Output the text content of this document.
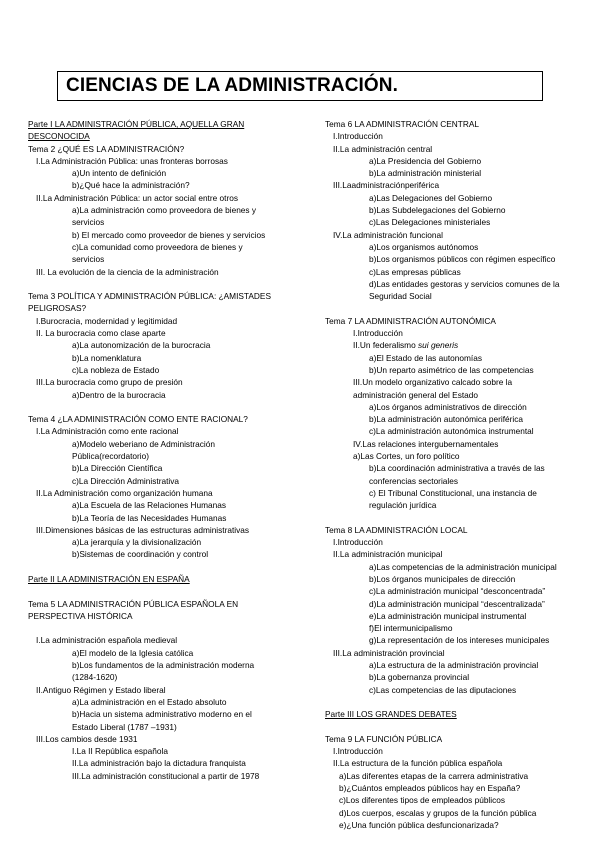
CIENCIAS DE LA ADMINISTRACIÓN.
Parte I LA ADMINISTRACIÓN PÚBLICA, AQUELLA GRAN
DESCONOCIDA
Tema 2 ¿QUÉ ES LA ADMINISTRACIÓN?
I.La Administración Pública: unas fronteras borrosas
a)Un intento de definición
b)¿Qué hace la administración?
II.La Administración Pública: un actor social entre otros
a)La administración como proveedora de bienes y
servicios
b) El mercado como proveedor de bienes y servicios
c)La comunidad como proveedora de bienes y
servicios
III. La evolución de la ciencia de la administración
Tema 3 POLÍTICA Y ADMINISTRACIÓN PÚBLICA: ¿AMISTADES
PELIGROSAS?
I.Burocracia, modernidad y legitimidad
II. La burocracia como clase aparte
a)La autonomización de la burocracia
b)La nomenklatura
c)La nobleza de Estado
III.La burocracia como grupo de presión
a)Dentro de la burocracia
Tema 4 ¿LA ADMINISTRACIÓN COMO ENTE RACIONAL?
I.La Administración como ente racional
a)Modelo weberiano de Administración
Pública(recordatorio)
b)La Dirección Científica
c)La Dirección Administrativa
II.La Administración como organización humana
a)La Escuela de las Relaciones Humanas
b)La Teoría de las Necesidades Humanas
III.Dimensiones básicas de las estructuras administrativas
a)La jerarquía y la divisionalización
b)Sistemas de coordinación y control
Parte II LA ADMINISTRACIÓN EN ESPAÑA
Tema 5 LA ADMINISTRACIÓN PÚBLICA ESPAÑOLA EN
PERSPECTIVA HISTÓRICA
I.La administración española medieval
a)El modelo de la Iglesia católica
b)Los fundamentos de la administración moderna
(1284-1620)
II.Antiguo Régimen y Estado liberal
a)La administración en el Estado absoluto
b)Hacia un sistema administrativo moderno en el
Estado Liberal (1787 –1931)
III.Los cambios desde 1931
I.La II República española
II.La administración bajo la dictadura franquista
III.La administración constitucional a partir de 1978
Tema 6 LA ADMINISTRACIÓN CENTRAL
I.Introducción
II.La administración central
a)La Presidencia del Gobierno
b)La administración ministerial
III.Laadministraciónperiférica
a)Las Delegaciones del Gobierno
b)Las Subdelegaciones del Gobierno
c)Las Delegaciones ministeriales
IV.La administración funcional
a)Los organismos autónomos
b)Los organismos públicos con régimen específico
c)Las empresas públicas
d)Las entidades gestoras y servicios comunes de la
Seguridad Social
Tema 7 LA ADMINISTRACIÓN AUTONÓMICA
I.Introducción
II.Un federalismo sui generis
a)El Estado de las autonomías
b)Un reparto asimétrico de las competencias
III.Un modelo organizativo calcado sobre la
administración general del Estado
a)Los órganos administrativos de dirección
b)La administración autonómica periférica
c)La administración autonómica instrumental
IV.Las relaciones intergubernamentales
a)Las Cortes, un foro político
b)La coordinación administrativa a través de las
conferencias sectoriales
c) El Tribunal Constitucional, una instancia de
regulación jurídica
Tema 8 LA ADMINISTRACIÓN LOCAL
I.Introducción
II.La administración municipal
a)Las competencias de la administración municipal
b)Los órganos municipales de dirección
c)La administración municipal “desconcentrada”
d)La administración municipal “descentralizada”
e)La administración municipal instrumental
f)El intermunicipalismo
g)La representación de los intereses municipales
III.La administración provincial
a)La estructura de la administración provincial
b)La gobernanza provincial
c)Las competencias de las diputaciones
Parte III LOS GRANDES DEBATES
Tema 9 LA FUNCIÓN PÚBLICA
I.Introducción
II.La estructura de la función pública española
a)Las diferentes etapas de la carrera administrativa
b)¿Cuántos empleados públicos hay en España?
c)Los diferentes tipos de empleados públicos
d)Los cuerpos, escalas y grupos de la función pública
e)¿Una función pública desfuncionarizada?
